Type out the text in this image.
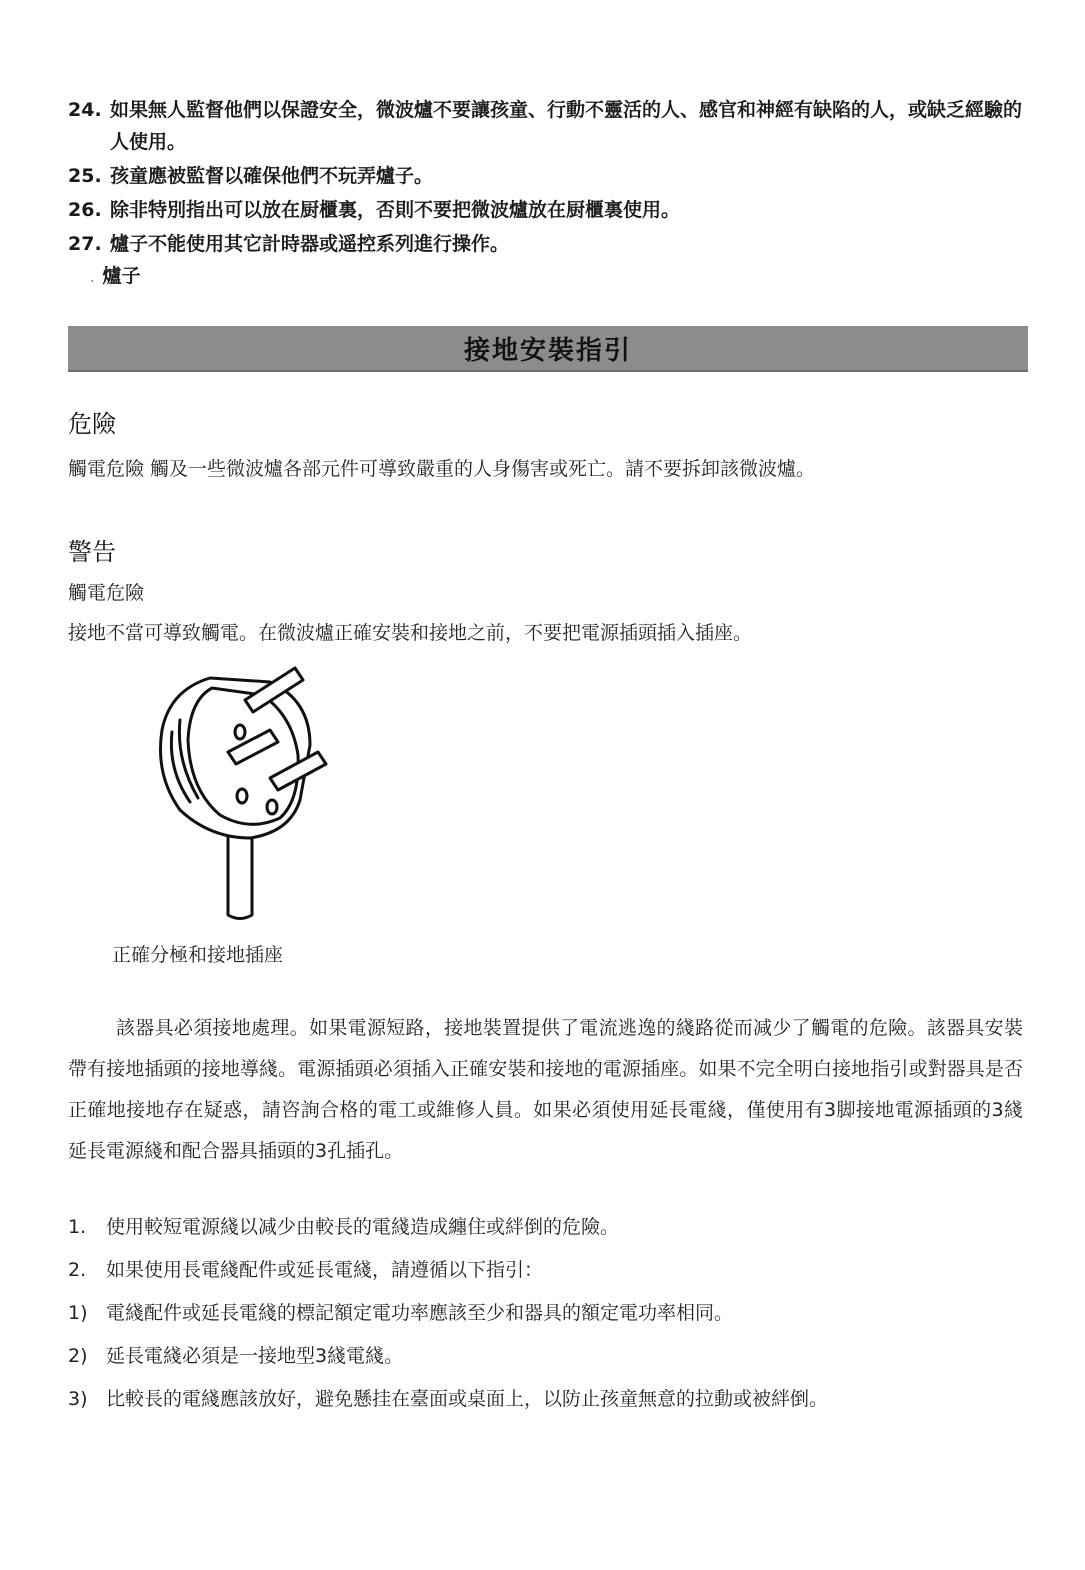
24. 如果無人監督他們以保證安全，微波爐不要讓孩童、行動不靈活的人、感官和神經有缺陷的人，或缺乏經驗的人使用。
25. 孩童應被監督以確保他們不玩弄爐子。
26. 除非特別指出可以放在厨櫃裏，否則不要把微波爐放在厨櫃裏使用。
27. 爐子不能使用其它計時器或遥控系列進行操作。
. 爐子
接地安裝指引
危險
觸電危險 觸及一些微波爐各部元件可導致嚴重的人身傷害或死亡。請不要拆卸該微波爐。
警告
觸電危險
接地不當可導致觸電。在微波爐正確安裝和接地之前，不要把電源插頭插入插座。
正確分極和接地插座
該器具必須接地處理。如果電源短路，接地裝置提供了電流逃逸的綫路從而减少了觸電的危險。該器具安裝帶有接地插頭的接地導綫。電源插頭必須插入正確安裝和接地的電源插座。如果不完全明白接地指引或對器具是否正確地接地存在疑惑，請咨詢合格的電工或維修人員。如果必須使用延長電綫，僅使用有3脚接地電源插頭的3綫延長電源綫和配合器具插頭的3孔插孔。
1.	使用較短電源綫以减少由較長的電綫造成纏住或絆倒的危險。
2.	如果使用長電綫配件或延長電綫，請遵循以下指引：
1) 電綫配件或延長電綫的標記額定電功率應該至少和器具的額定電功率相同。
2) 延長電綫必須是一接地型3綫電綫。
3) 比較長的電綫應該放好，避免懸挂在臺面或桌面上，以防止孩童無意的拉動或被絆倒。
